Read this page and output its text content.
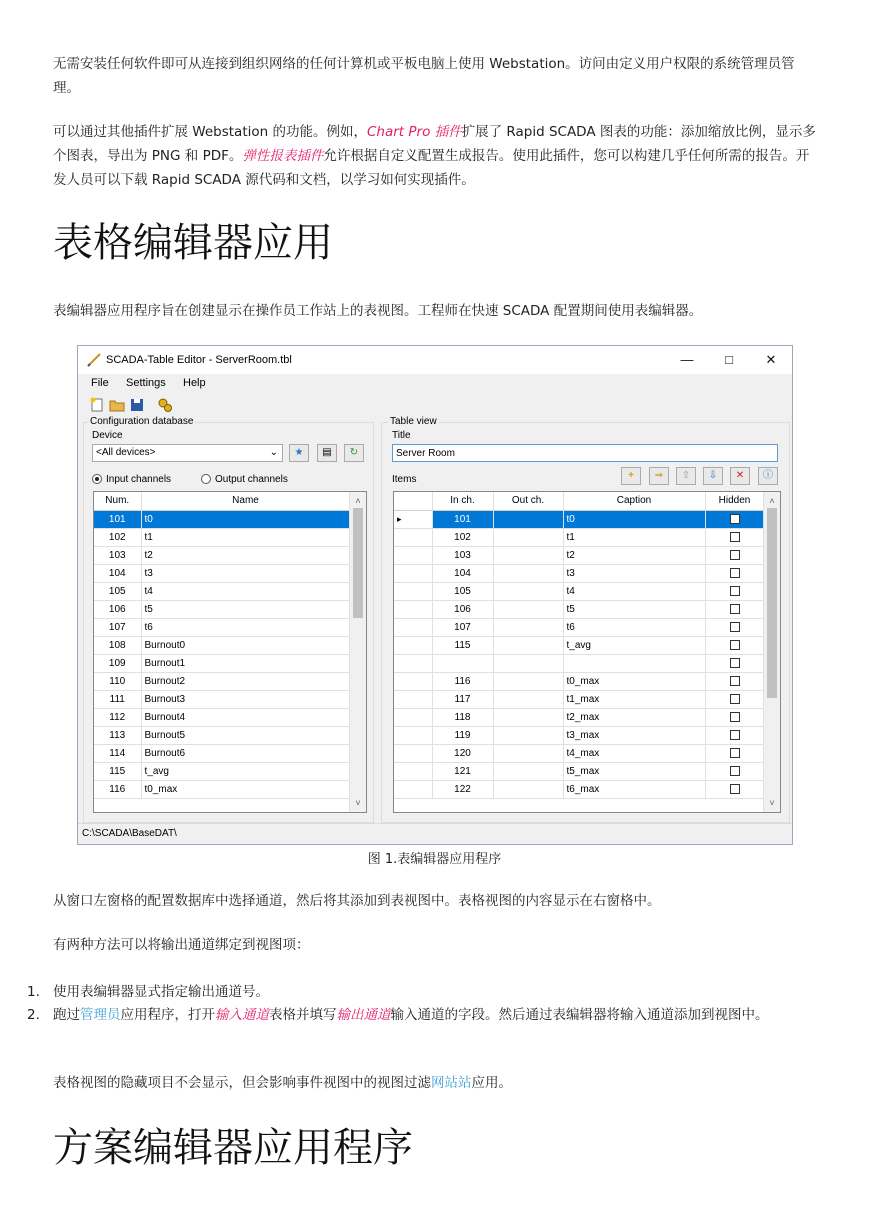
无需安装任何软件即可从连接到组织网络的任何计算机或平板电脑上使用 Webstation。访问由定义用户权限的系统管理员管理。
可以通过其他插件扩展 Webstation 的功能。例如，Chart Pro 插件扩展了 Rapid SCADA 图表的功能：添加缩放比例，显示多个图表，导出为 PNG 和 PDF。弹性报表插件允许根据自定义配置生成报告。使用此插件，您可以构建几乎任何所需的报告。开发人员可以下载 Rapid SCADA 源代码和文档，以学习如何实现插件。
表格编辑器应用
表编辑器应用程序旨在创建显示在操作员工作站上的表视图。工程师在快速 SCADA 配置期间使用表编辑器。
SCADA-Table Editor - ServerRoom.tbl	—	□	✕
File Settings Help
Configuration database
Device
<All devices>	⌄	★	▤	↻
Input channels	Output channels
Num.	Name
101	t0
102	t1
103	t2
104	t3
105	t4
106	t5
107	t6
108	Burnout0
109	Burnout1
110	Burnout2
111	Burnout3
112	Burnout4
113	Burnout5
114	Burnout6
115	t_avg
116	t0_max
˄
˅
Table view
Title
Server Room
Items	+	⇒	⇧	⇩	✕	ⓘ
	In ch.	Out ch.	Caption	Hidden
▸	101		t0	
	102		t1	
	103		t2	
	104		t3	
	105		t4	
	106		t5	
	107		t6	
	115		t_avg	

	116		t0_max	
	117		t1_max	
	118		t2_max	
	119		t3_max	
	120		t4_max	
	121		t5_max	
	122		t6_max	
˄
˅
C:\SCADA\BaseDAT\
图 1.表编辑器应用程序
从窗口左窗格的配置数据库中选择通道，然后将其添加到表视图中。表格视图的内容显示在右窗格中。
有两种方法可以将输出通道绑定到视图项：
1. 使用表编辑器显式指定输出通道号。
2. 跑过管理员应用程序，打开输入通道表格并填写输出通道输入通道的字段。然后通过表编辑器将输入通道添加到视图中。
表格视图的隐藏项目不会显示，但会影响事件视图中的视图过滤网站站应用。
方案编辑器应用程序
